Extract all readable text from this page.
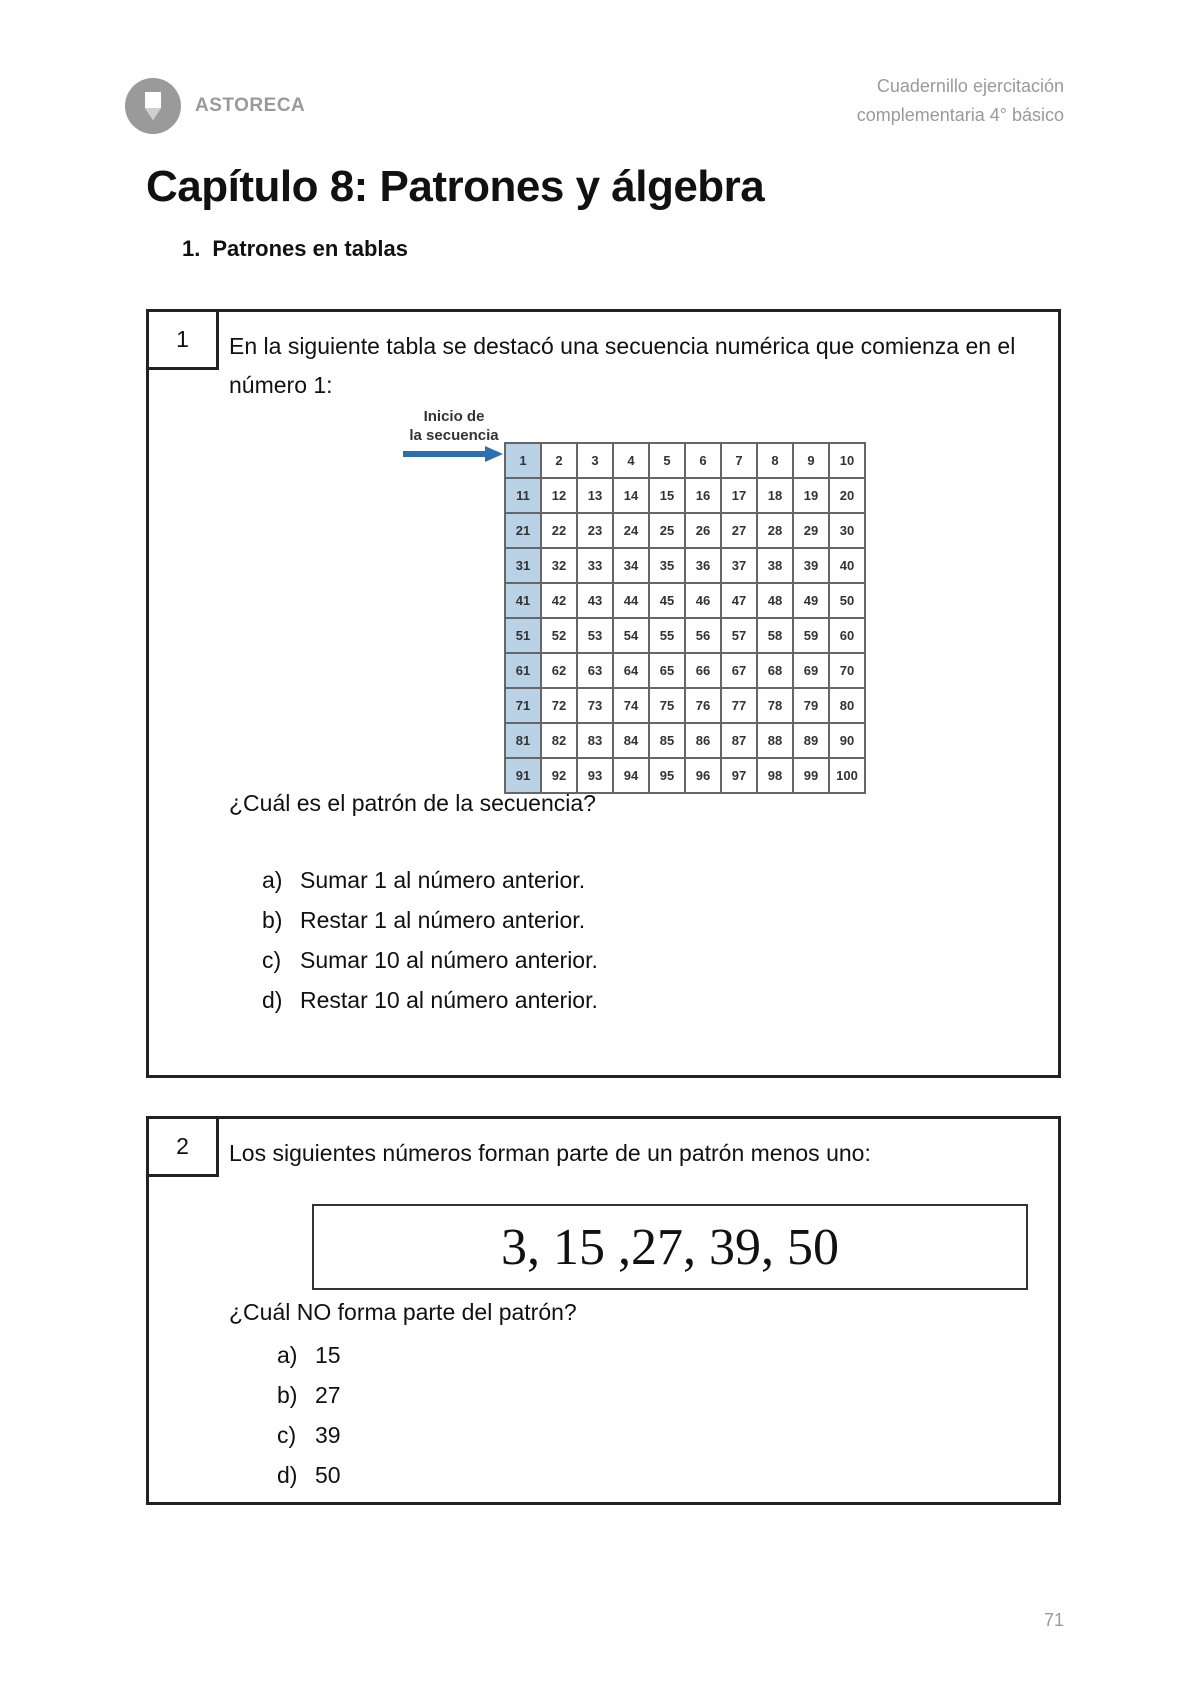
ASTORECA
Cuadernillo ejercitación
complementaria 4° básico
Capítulo 8: Patrones y álgebra
1. Patrones en tablas
1	En la siguiente tabla se destacó una secuencia numérica que comienza en el número 1:
Inicio de
la secuencia
1	2	3	4	5	6	7	8	9	10
11	12	13	14	15	16	17	18	19	20
21	22	23	24	25	26	27	28	29	30
31	32	33	34	35	36	37	38	39	40
41	42	43	44	45	46	47	48	49	50
51	52	53	54	55	56	57	58	59	60
61	62	63	64	65	66	67	68	69	70
71	72	73	74	75	76	77	78	79	80
81	82	83	84	85	86	87	88	89	90
91	92	93	94	95	96	97	98	99	100
¿Cuál es el patrón de la secuencia?
a) Sumar 1 al número anterior.
b) Restar 1 al número anterior.
c) Sumar 10 al número anterior.
d) Restar 10 al número anterior.
2	Los siguientes números forman parte de un patrón menos uno:
3, 15 ,27, 39, 50
¿Cuál NO forma parte del patrón?
a) 15
b) 27
c) 39
d) 50
71
